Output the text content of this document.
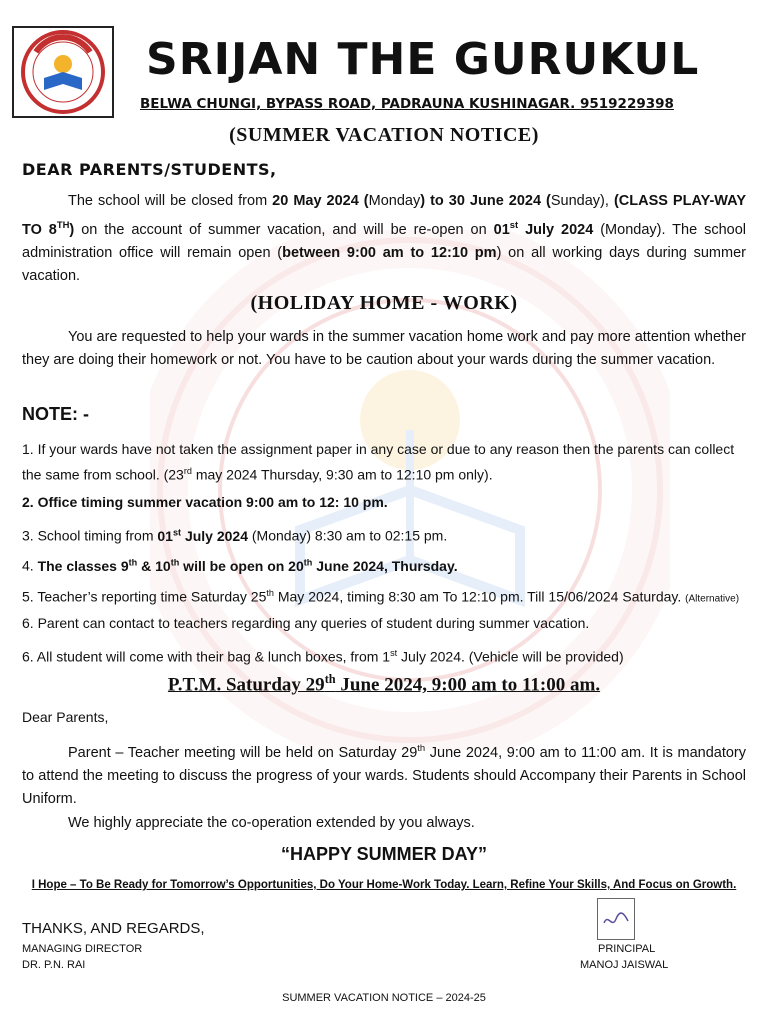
SRIJAN THE GURUKUL
BELWA CHUNGI, BYPASS ROAD, PADRAUNA KUSHINAGAR. 9519229398
(SUMMER VACATION NOTICE)
DEAR PARENTS/STUDENTS,
The school will be closed from 20 May 2024 (Monday) to 30 June 2024 (Sunday), (CLASS PLAY-WAY TO 8TH) on the account of summer vacation, and will be re-open on 01st July 2024 (Monday). The school administration office will remain open (between 9:00 am to 12:10 pm) on all working days during summer vacation.
(HOLIDAY HOME - WORK)
You are requested to help your wards in the summer vacation home work and pay more attention whether they are doing their homework or not. You have to be caution about your wards during the summer vacation.
NOTE: -
1. If your wards have not taken the assignment paper in any case or due to any reason then the parents can collect the same from school. (23rd may 2024 Thursday, 9:30 am to 12:10 pm only).
2. Office timing summer vacation 9:00 am to 12: 10 pm.
3. School timing from 01st July 2024 (Monday) 8:30 am to 02:15 pm.
4. The classes 9th & 10th will be open on 20th June 2024, Thursday.
5. Teacher’s reporting time Saturday 25th May 2024, timing 8:30 am To 12:10 pm. Till 15/06/2024 Saturday. (Alternative)
6. Parent can contact to teachers regarding any queries of student during summer vacation.
6. All student will come with their bag & lunch boxes, from 1st July 2024. (Vehicle will be provided)
P.T.M. Saturday 29th June 2024, 9:00 am to 11:00 am.
Dear Parents,
Parent – Teacher meeting will be held on Saturday 29th June 2024, 9:00 am to 11:00 am. It is mandatory to attend the meeting to discuss the progress of your wards. Students should Accompany their Parents in School Uniform.
We highly appreciate the co-operation extended by you always.
“HAPPY SUMMER DAY”
I Hope – To Be Ready for Tomorrow’s Opportunities, Do Your Home-Work Today. Learn, Refine Your Skills, And Focus on Growth.
THANKS, AND REGARDS,
MANAGING DIRECTOR
DR. P.N. RAI
PRINCIPAL
MANOJ JAISWAL
SUMMER VACATION NOTICE – 2024-25
